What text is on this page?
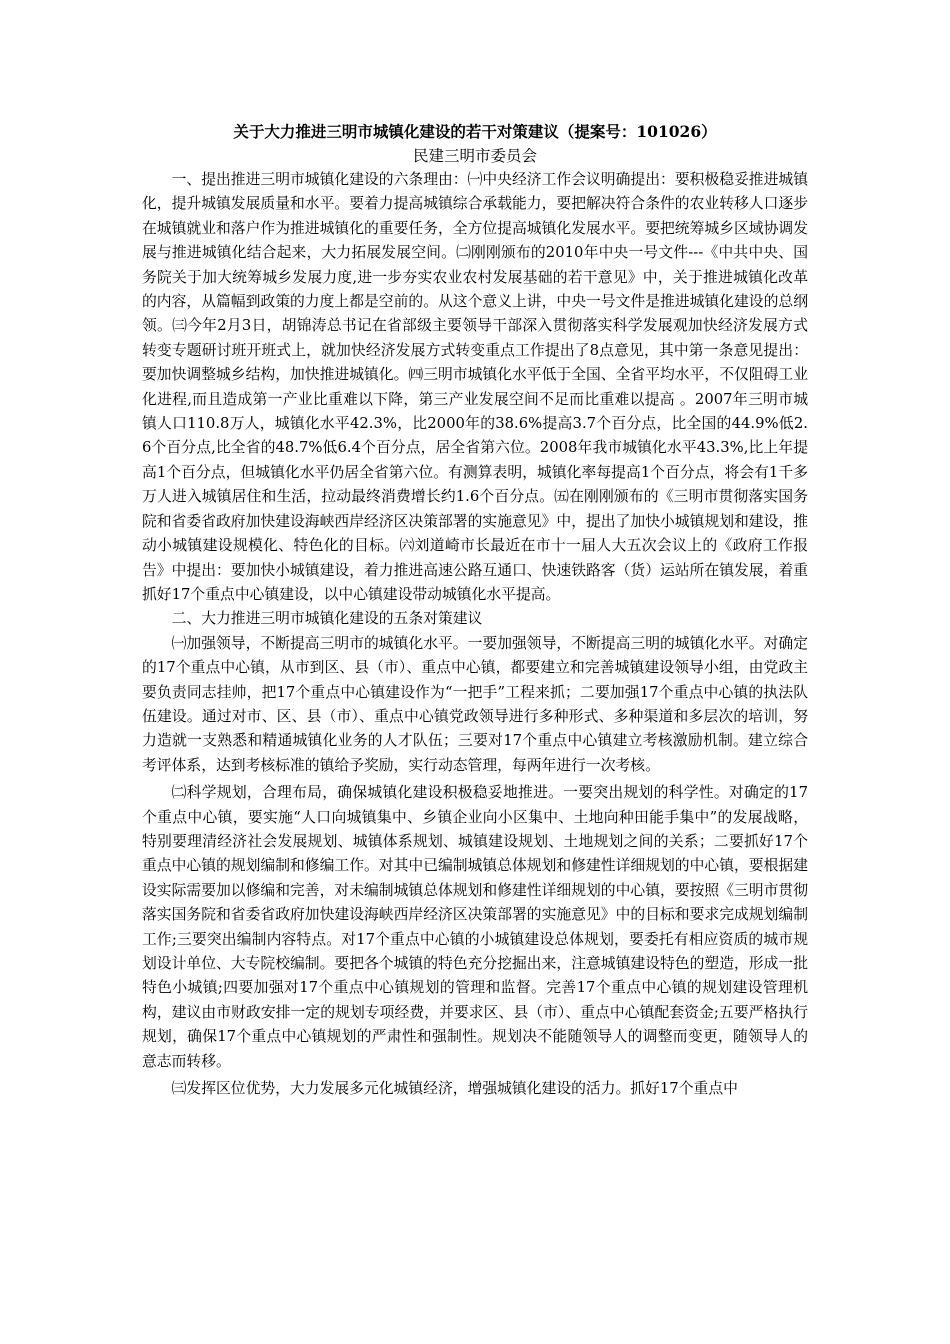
关于大力推进三明市城镇化建设的若干对策建议（提案号：101026）

民建三明市委员会

一、提出推进三明市城镇化建设的六条理由：㈠中央经济工作会议明确提出：要积极稳妥推进城镇化，提升城镇发展质量和水平。要着力提高城镇综合承载能力，要把解决符合条件的农业转移人口逐步在城镇就业和落户作为推进城镇化的重要任务，全方位提高城镇化发展水平。要把统筹城乡区域协调发展与推进城镇化结合起来，大力拓展发展空间。㈡刚刚颁布的2010年中央一号文件---《中共中央、国务院关于加大统筹城乡发展力度,进一步夯实农业农村发展基础的若干意见》中，关于推进城镇化改革的内容，从篇幅到政策的力度上都是空前的。从这个意义上讲，中央一号文件是推进城镇化建设的总纲领。㈢今年2月3日，胡锦涛总书记在省部级主要领导干部深入贯彻落实科学发展观加快经济发展方式转变专题研讨班开班式上，就加快经济发展方式转变重点工作提出了8点意见，其中第一条意见提出：要加快调整城乡结构，加快推进城镇化。㈣三明市城镇化水平低于全国、全省平均水平，不仅阻碍工业化进程,而且造成第一产业比重难以下降，第三产业发展空间不足而比重难以提高 。2007年三明市城镇人口110.8万人，城镇化水平42.3%，比2000年的38.6%提高3.7个百分点，比全国的44.9%低2.6个百分点,比全省的48.7%低6.4个百分点，居全省第六位。2008年我市城镇化水平43.3%,比上年提高1个百分点，但城镇化水平仍居全省第六位。有测算表明，城镇化率每提高1个百分点，将会有1千多万人进入城镇居住和生活，拉动最终消费增长约1.6个百分点。㈤在刚刚颁布的《三明市贯彻落实国务院和省委省政府加快建设海峡西岸经济区决策部署的实施意见》中，提出了加快小城镇规划和建设，推动小城镇建设规模化、特色化的目标。㈥刘道崎市长最近在市十一届人大五次会议上的《政府工作报告》中提出：要加快小城镇建设，着力推进高速公路互通口、快速铁路客（货）运站所在镇发展，着重抓好17个重点中心镇建设，以中心镇建设带动城镇化水平提高。

二、大力推进三明市城镇化建设的五条对策建议

㈠加强领导，不断提高三明市的城镇化水平。一要加强领导，不断提高三明的城镇化水平。对确定的17个重点中心镇，从市到区、县（市）、重点中心镇，都要建立和完善城镇建设领导小组，由党政主要负责同志挂帅，把17个重点中心镇建设作为“一把手”工程来抓；二要加强17个重点中心镇的执法队伍建设。通过对市、区、县（市）、重点中心镇党政领导进行多种形式、多种渠道和多层次的培训，努力造就一支熟悉和精通城镇化业务的人才队伍；三要对17个重点中心镇建立考核激励机制。建立综合考评体系，达到考核标准的镇给予奖励，实行动态管理，每两年进行一次考核。

㈡科学规划，合理布局，确保城镇化建设积极稳妥地推进。一要突出规划的科学性。对确定的17个重点中心镇，要实施“人口向城镇集中、乡镇企业向小区集中、土地向种田能手集中”的发展战略，特别要理清经济社会发展规划、城镇体系规划、城镇建设规划、土地规划之间的关系；二要抓好17个重点中心镇的规划编制和修编工作。对其中已编制城镇总体规划和修建性详细规划的中心镇，要根据建设实际需要加以修编和完善，对未编制城镇总体规划和修建性详细规划的中心镇，要按照《三明市贯彻落实国务院和省委省政府加快建设海峡西岸经济区决策部署的实施意见》中的目标和要求完成规划编制工作;三要突出编制内容特点。对17个重点中心镇的小城镇建设总体规划，要委托有相应资质的城市规划设计单位、大专院校编制。要把各个城镇的特色充分挖掘出来，注意城镇建设特色的塑造，形成一批特色小城镇;四要加强对17个重点中心镇规划的管理和监督。完善17个重点中心镇的规划建设管理机构，建议由市财政安排一定的规划专项经费，并要求区、县（市）、重点中心镇配套资金;五要严格执行规划，确保17个重点中心镇规划的严肃性和强制性。规划决不能随领导人的调整而变更，随领导人的意志而转移。

㈢发挥区位优势，大力发展多元化城镇经济，增强城镇化建设的活力。抓好17个重点中
